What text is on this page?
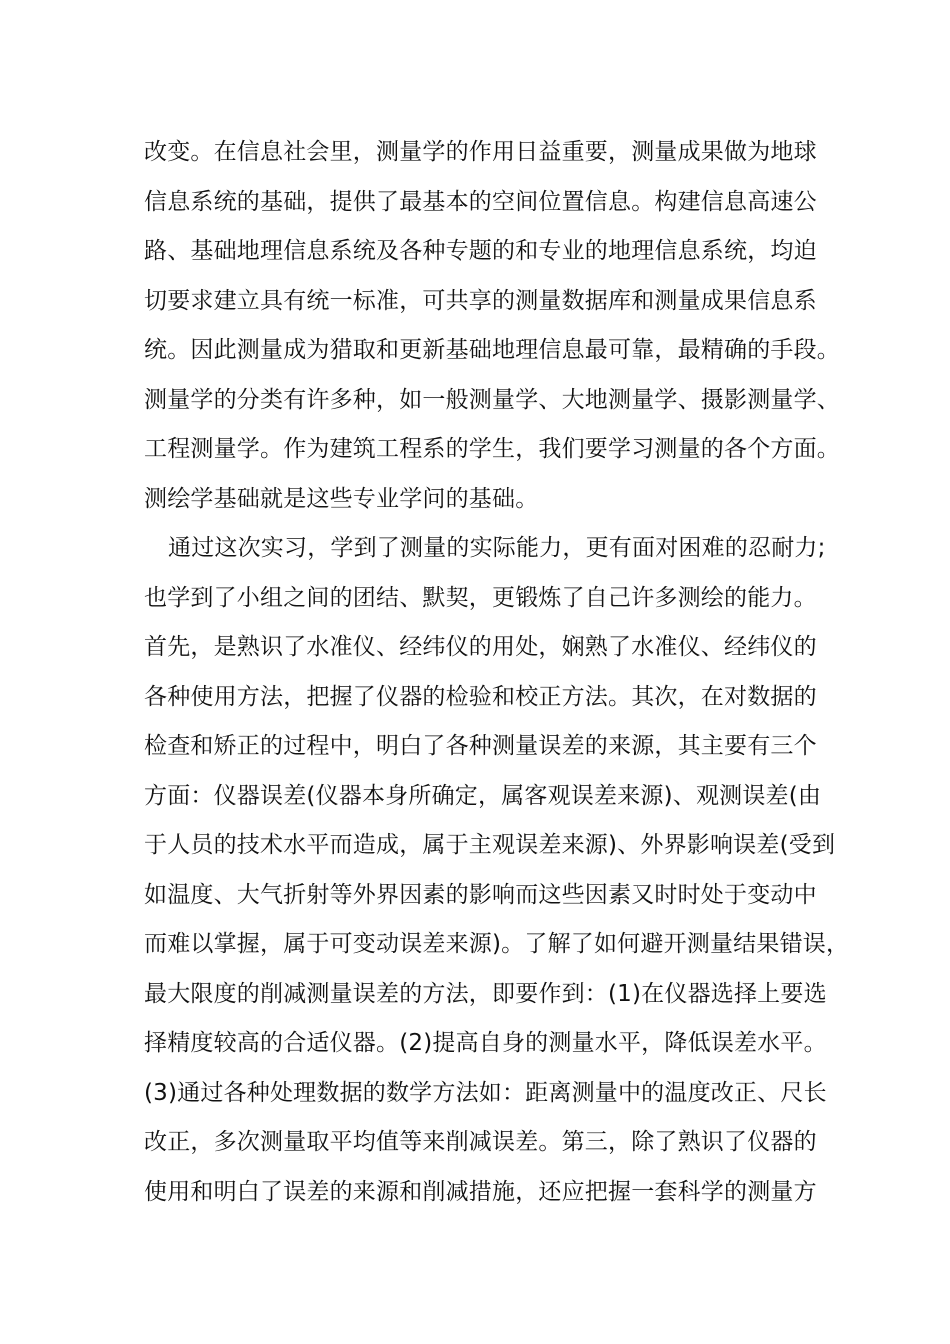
改变。在信息社会里，测量学的作用日益重要，测量成果做为地球
信息系统的基础，提供了最基本的空间位置信息。构建信息高速公
路、基础地理信息系统及各种专题的和专业的地理信息系统，均迫
切要求建立具有统一标准，可共享的测量数据库和测量成果信息系
统。因此测量成为猎取和更新基础地理信息最可靠，最精确的手段。
测量学的分类有许多种，如一般测量学、大地测量学、摄影测量学、
工程测量学。作为建筑工程系的学生，我们要学习测量的各个方面。
测绘学基础就是这些专业学问的基础。
通过这次实习，学到了测量的实际能力，更有面对困难的忍耐力;
也学到了小组之间的团结、默契，更锻炼了自己许多测绘的能力。
首先，是熟识了水准仪、经纬仪的用处，娴熟了水准仪、经纬仪的
各种使用方法，把握了仪器的检验和校正方法。其次，在对数据的
检查和矫正的过程中，明白了各种测量误差的来源，其主要有三个
方面：仪器误差(仪器本身所确定，属客观误差来源)、观测误差(由
于人员的技术水平而造成，属于主观误差来源)、外界影响误差(受到
如温度、大气折射等外界因素的影响而这些因素又时时处于变动中
而难以掌握，属于可变动误差来源)。了解了如何避开测量结果错误，
最大限度的削减测量误差的方法，即要作到：(1)在仪器选择上要选
择精度较高的合适仪器。(2)提高自身的测量水平，降低误差水平。
(3)通过各种处理数据的数学方法如：距离测量中的温度改正、尺长
改正，多次测量取平均值等来削减误差。第三，除了熟识了仪器的
使用和明白了误差的来源和削减措施，还应把握一套科学的测量方
